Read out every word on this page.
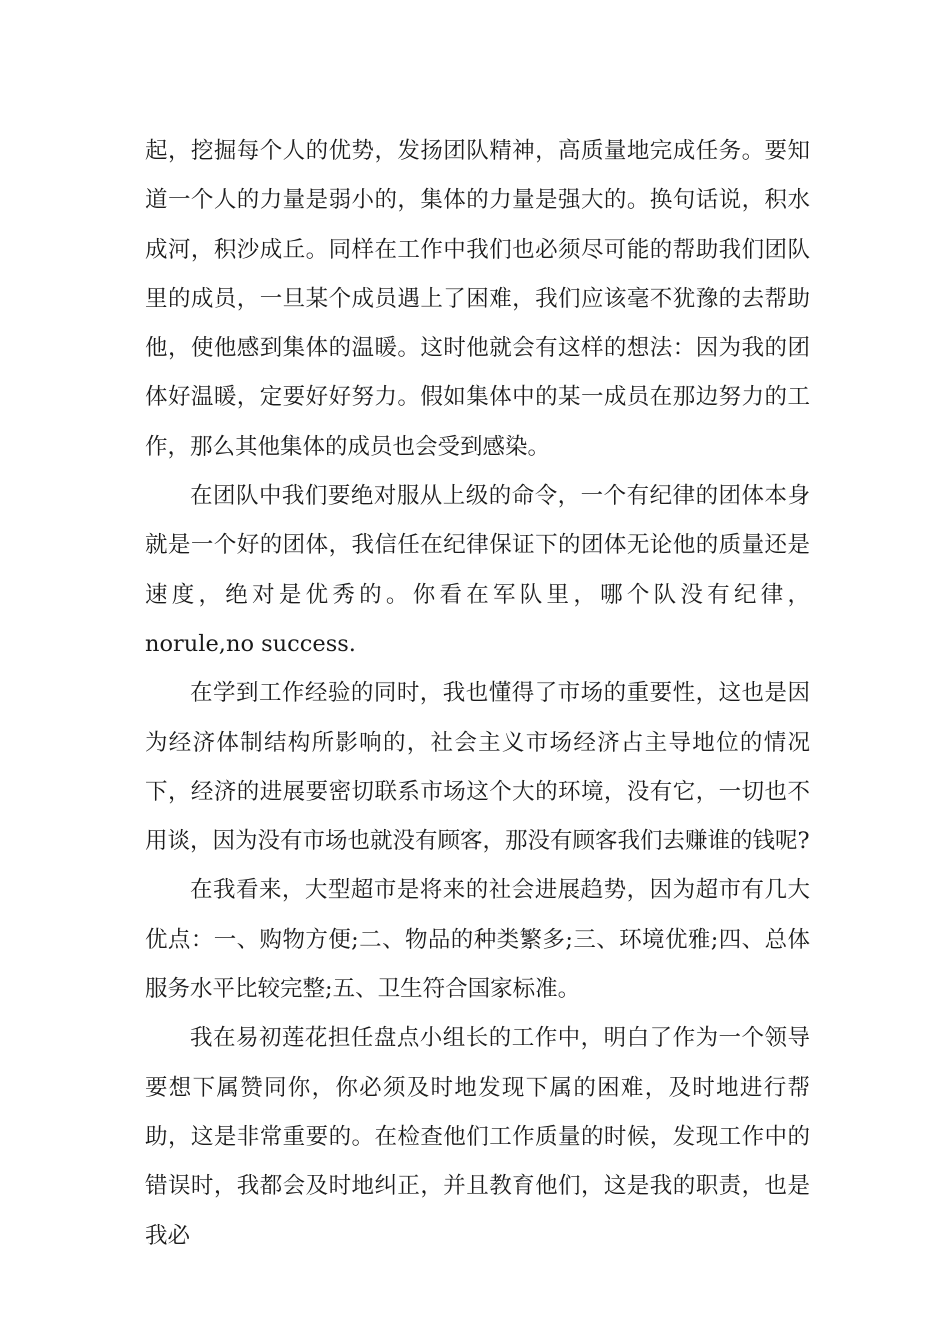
起，挖掘每个人的优势，发扬团队精神，高质量地完成任务。要知道一个人的力量是弱小的，集体的力量是强大的。换句话说，积水成河，积沙成丘。同样在工作中我们也必须尽可能的帮助我们团队里的成员，一旦某个成员遇上了困难，我们应该毫不犹豫的去帮助他，使他感到集体的温暖。这时他就会有这样的想法：因为我的团体好温暖，定要好好努力。假如集体中的某一成员在那边努力的工作，那么其他集体的成员也会受到感染。

在团队中我们要绝对服从上级的命令，一个有纪律的团体本身就是一个好的团体，我信任在纪律保证下的团体无论他的质量还是速度，绝对是优秀的。你看在军队里，哪个队没有纪律，norule,no success.

在学到工作经验的同时，我也懂得了市场的重要性，这也是因为经济体制结构所影响的，社会主义市场经济占主导地位的情况下，经济的进展要密切联系市场这个大的环境，没有它，一切也不用谈，因为没有市场也就没有顾客，那没有顾客我们去赚谁的钱呢?

在我看来，大型超市是将来的社会进展趋势，因为超市有几大优点：一、购物方便;二、物品的种类繁多;三、环境优雅;四、总体服务水平比较完整;五、卫生符合国家标准。

我在易初莲花担任盘点小组长的工作中，明白了作为一个领导要想下属赞同你，你必须及时地发现下属的困难，及时地进行帮助，这是非常重要的。在检查他们工作质量的时候，发现工作中的错误时，我都会及时地纠正，并且教育他们，这是我的职责，也是我必
